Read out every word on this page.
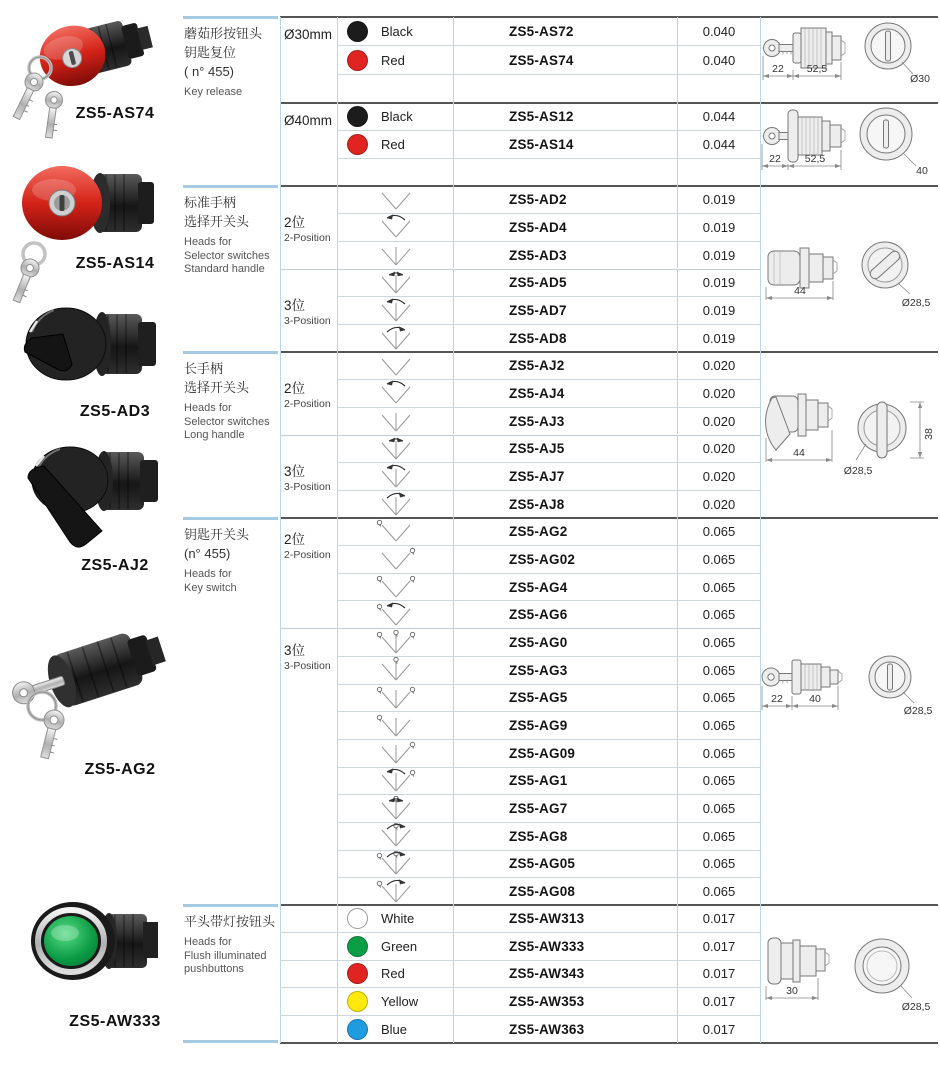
ZS5-AS74
ZS5-AS14
ZS5-AD3
ZS5-AJ2
ZS5-AG2
ZS5-AW333
22 52,5
Ø30
22 52,5
40
44
Ø28,5
44
38
Ø28,5
22	40
Ø28,5
30
Ø28,5
蘑茹形按钮头
钥匙复位
( n° 455)
Key release
标准手柄
选择开关头
Heads for
Selector switches
Standard handle
长手柄
选择开关头
Heads for
Selector switches
Long handle
钥匙开关头
(n° 455)
Heads for
Key switch
平头带灯按钮头
Heads for
Flush illuminated
pushbuttons
Ø30mm	Black	ZS5-AS72	0.040
Red	ZS5-AS74	0.040
Ø40mm	Black	ZS5-AS12	0.044
Red	ZS5-AS14	0.044
2位
2-Position
ZS5-AD2	0.019
ZS5-AD4	0.019
ZS5-AD3	0.019
3位
3-Position
ZS5-AD5	0.019
ZS5-AD7	0.019
ZS5-AD8	0.019
2位
2-Position
ZS5-AJ2	0.020
ZS5-AJ4	0.020
ZS5-AJ3	0.020
3位
3-Position
ZS5-AJ5	0.020
ZS5-AJ7	0.020
ZS5-AJ8	0.020
2位
2-Position
ZS5-AG2	0.065
ZS5-AG02	0.065
ZS5-AG4	0.065
ZS5-AG6	0.065
3位
3-Position
ZS5-AG0	0.065
ZS5-AG3	0.065
ZS5-AG5	0.065
ZS5-AG9	0.065
ZS5-AG09	0.065
ZS5-AG1	0.065
ZS5-AG7	0.065
ZS5-AG8	0.065
ZS5-AG05	0.065
ZS5-AG08	0.065
White	ZS5-AW313	0.017
Green	ZS5-AW333	0.017
Red	ZS5-AW343	0.017
Yellow	ZS5-AW353	0.017
Blue	ZS5-AW363	0.017
